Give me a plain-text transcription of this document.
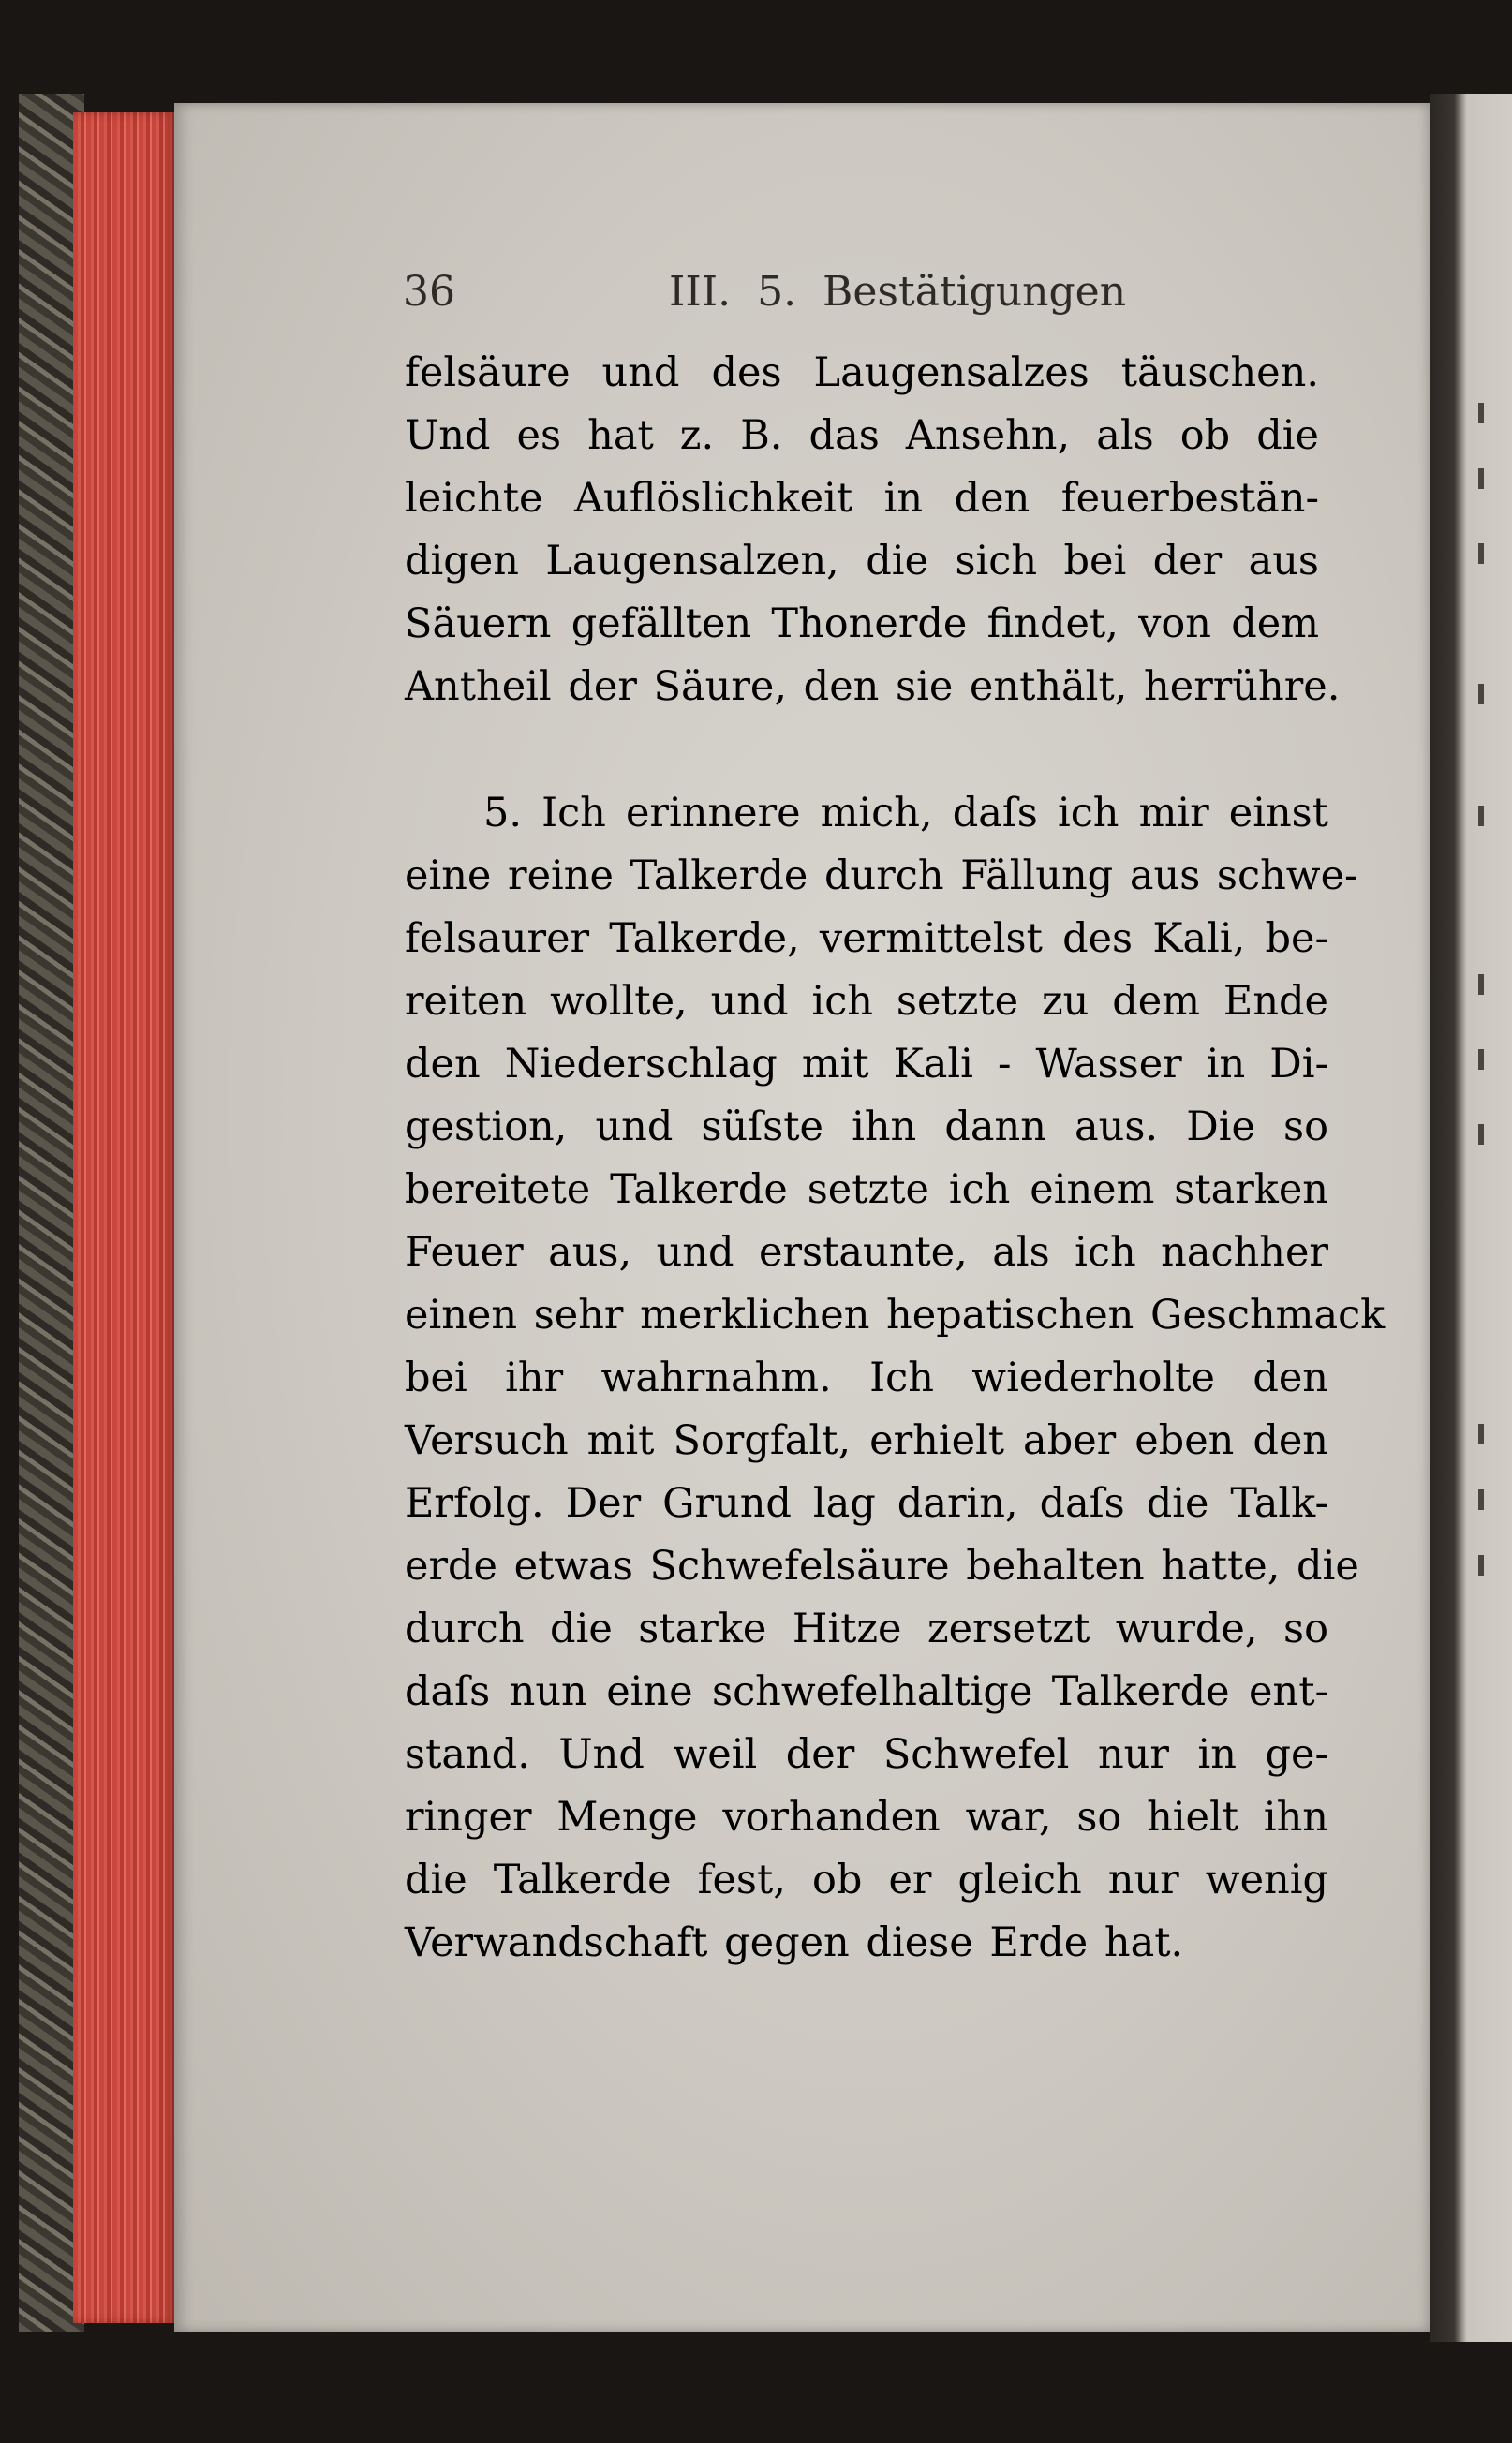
36	III.  5.  Bestätigungen
felsäure und des Laugensalzes täuschen.
Und es hat z. B. das Ansehn, als ob die
leichte Auflöslichkeit in den feuerbestän-
digen Laugensalzen, die sich bei der aus
Säuern gefällten Thonerde findet, von dem
Antheil der Säure, den sie enthält, herrühre.
5. Ich erinnere mich, daſs ich mir einst
eine reine Talkerde durch Fällung aus schwe-
felsaurer Talkerde, vermittelst des Kali, be-
reiten wollte, und ich setzte zu dem Ende
den Niederschlag mit Kali - Wasser in Di-
gestion, und süſste ihn dann aus. Die so
bereitete Talkerde setzte ich einem starken
Feuer aus, und erstaunte, als ich nachher
einen sehr merklichen hepatischen Geschmack
bei ihr wahrnahm. Ich wiederholte den
Versuch mit Sorgfalt, erhielt aber eben den
Erfolg. Der Grund lag darin, daſs die Talk-
erde etwas Schwefelsäure behalten hatte, die
durch die starke Hitze zersetzt wurde, so
daſs nun eine schwefelhaltige Talkerde ent-
stand. Und weil der Schwefel nur in ge-
ringer Menge vorhanden war, so hielt ihn
die Talkerde fest, ob er gleich nur wenig
Verwandschaft gegen diese Erde hat.
